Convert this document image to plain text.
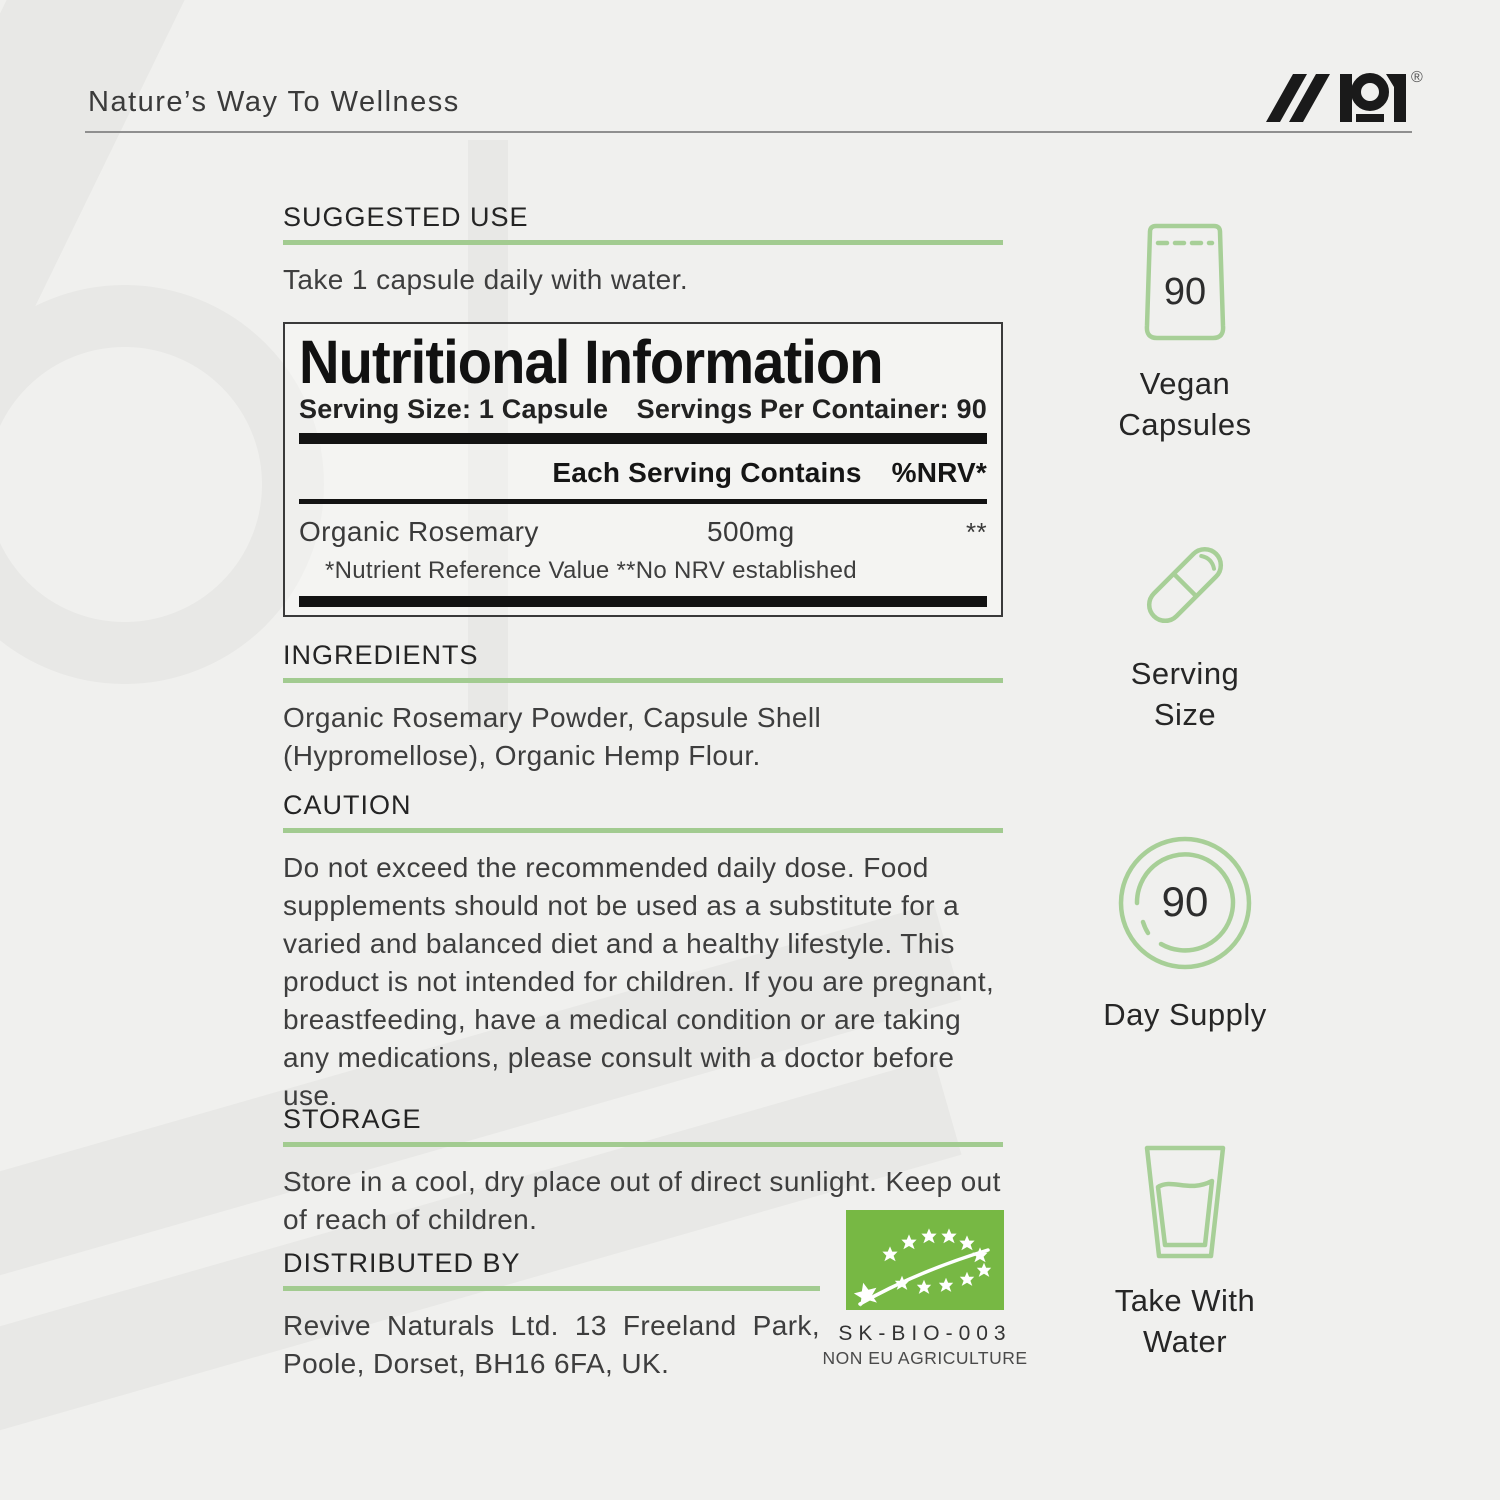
Nature’s Way To Wellness
®
SUGGESTED USE
Take 1 capsule daily with water.
Nutritional Information
Serving Size: 1 Capsule Servings Per Container: 90
Each Serving Contains %NRV*
Organic Rosemary	500mg	**
*Nutrient Reference Value **No NRV established
INGREDIENTS
Organic Rosemary Powder, Capsule Shell (Hypromellose), Organic Hemp Flour.
CAUTION
Do not exceed the recommended daily dose. Food supplements should not be used as a substitute for a varied and balanced diet and a healthy lifestyle. This product is not intended for children. If you are pregnant, breastfeeding, have a medical condition or are taking any medications, please consult with a doctor before use.
STORAGE
Store in a cool, dry place out of direct sunlight. Keep out of reach of children.
DISTRIBUTED BY
Revive Naturals Ltd. 13 Freeland Park, Poole, Dorset, BH16 6FA, UK.
SK-BIO-003
NON EU AGRICULTURE
90
Vegan Capsules
Serving Size
90
Day Supply
Take With Water
